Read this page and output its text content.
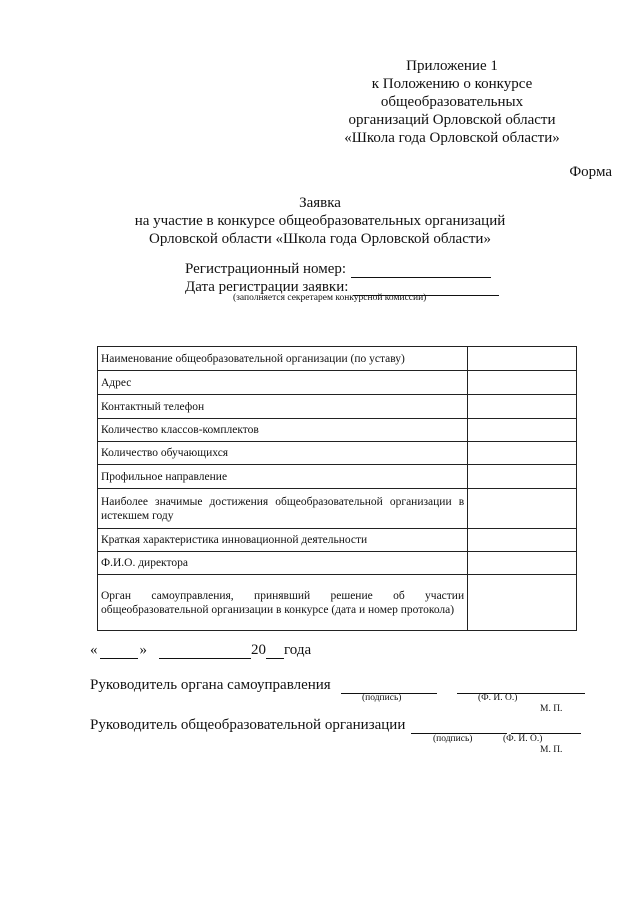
Приложение 1
к Положению о конкурсе
общеобразовательных
организаций Орловской области
«Школа года Орловской области»
Форма
Заявка
на участие в конкурсе общеобразовательных организаций
Орловской области «Школа года Орловской области»
Регистрационный номер:
Дата регистрации заявки:
(заполняется секретарем конкурсной комиссии)
Наименование общеобразовательной организации (по уставу)	
Адрес	
Контактный телефон	
Количество классов-комплектов	
Количество обучающихся	
Профильное направление	
Наиболее значимые достижения общеобразовательной организации в истекшем году	
Краткая характеристика инновационной деятельности	
Ф.И.О. директора	
Орган самоуправления, принявший решение об участии общеобразовательной организации в конкурсе (дата и номер протокола)	
«	»	20 года
Руководитель органа самоуправления
(подпись)	(Ф. И. О.)
М. П.
Руководитель общеобразовательной организации
(подпись)	(Ф. И. О.)
М. П.
